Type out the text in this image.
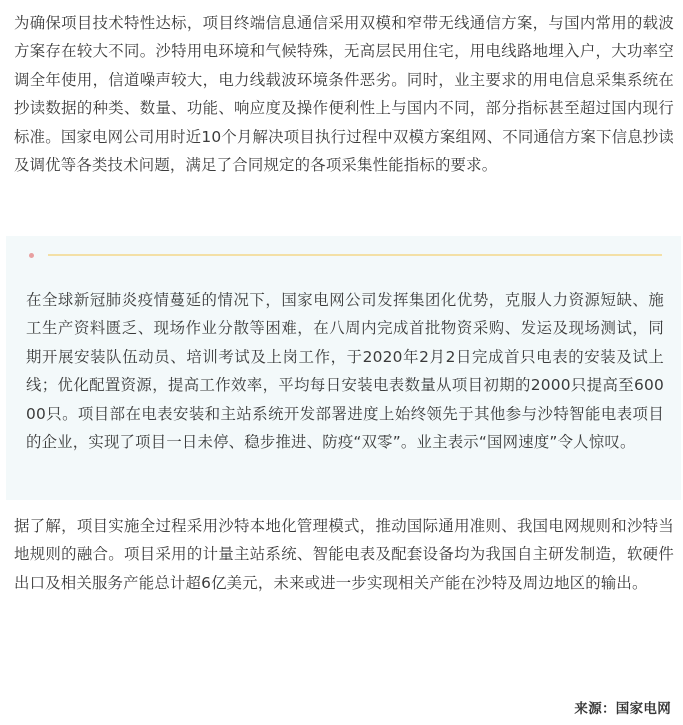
为确保项目技术特性达标，项目终端信息通信采用双模和窄带无线通信方案，与国内常用的载波方案存在较大不同。沙特用电环境和气候特殊，无高层民用住宅，用电线路地埋入户，大功率空调全年使用，信道噪声较大，电力线载波环境条件恶劣。同时，业主要求的用电信息采集系统在抄读数据的种类、数量、功能、响应度及操作便利性上与国内不同，部分指标甚至超过国内现行标准。国家电网公司用时近10个月解决项目执行过程中双模方案组网、不同通信方案下信息抄读及调优等各类技术问题，满足了合同规定的各项采集性能指标的要求。

在全球新冠肺炎疫情蔓延的情况下，国家电网公司发挥集团化优势，克服人力资源短缺、施工生产资料匮乏、现场作业分散等困难，在八周内完成首批物资采购、发运及现场测试，同期开展安装队伍动员、培训考试及上岗工作，于2020年2月2日完成首只电表的安装及试上线；优化配置资源，提高工作效率，平均每日安装电表数量从项目初期的2000只提高至60000只。项目部在电表安装和主站系统开发部署进度上始终领先于其他参与沙特智能电表项目的企业，实现了项目一日未停、稳步推进、防疫“双零”。业主表示“国网速度”令人惊叹。

据了解，项目实施全过程采用沙特本地化管理模式，推动国际通用准则、我国电网规则和沙特当地规则的融合。项目采用的计量主站系统、智能电表及配套设备均为我国自主研发制造，软硬件出口及相关服务产能总计超6亿美元，未来或进一步实现相关产能在沙特及周边地区的输出。

来源：国家电网
